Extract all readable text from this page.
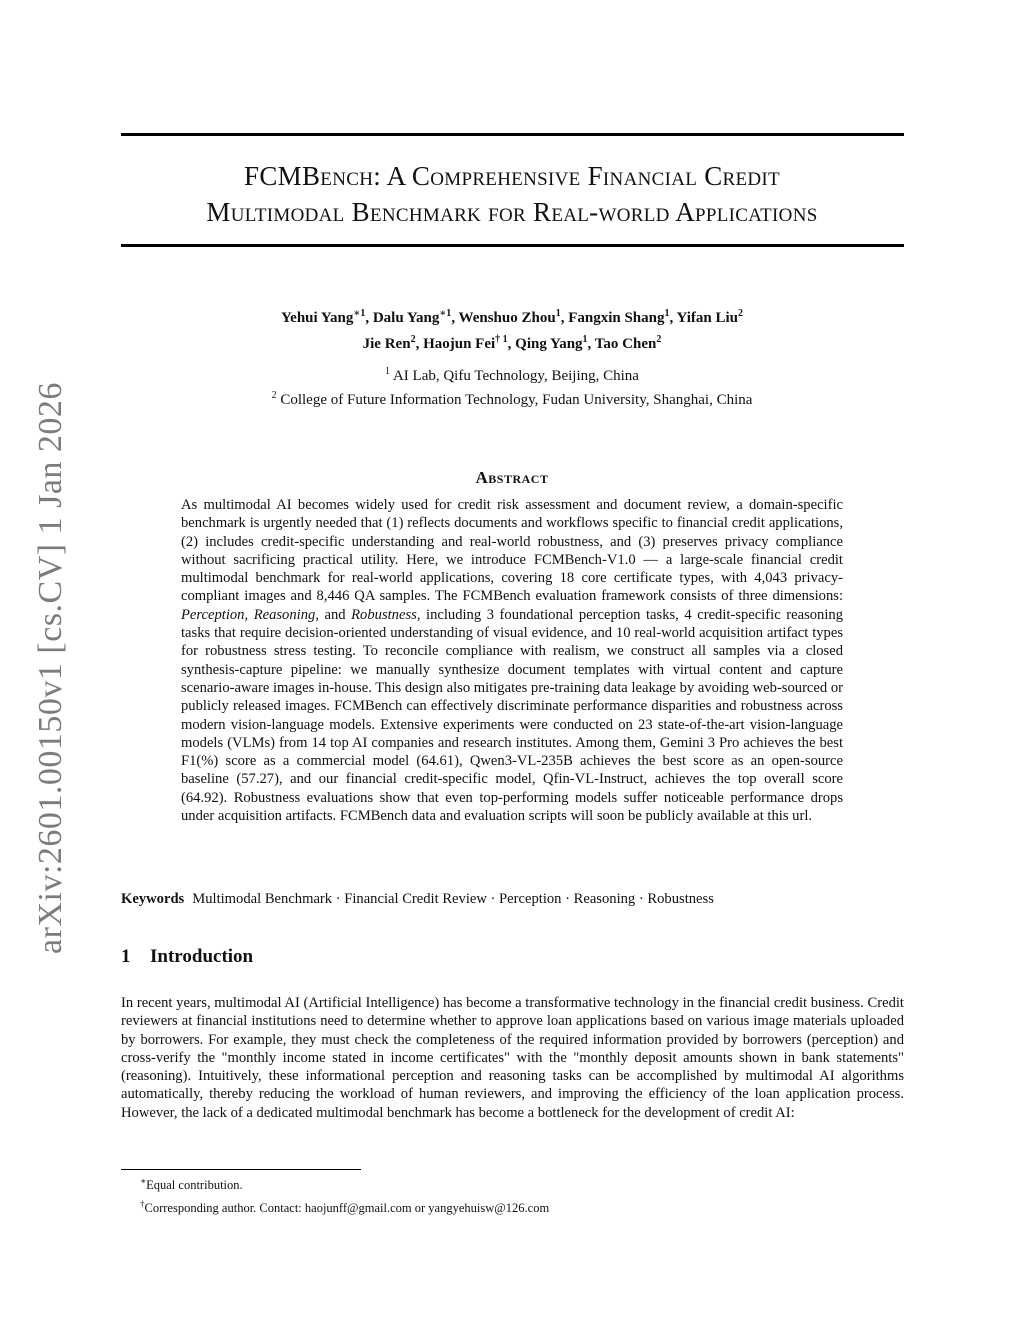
arXiv:2601.00150v1 [cs.CV] 1 Jan 2026
FCMBench: A Comprehensive Financial Credit
Multimodal Benchmark for Real-world Applications
Yehui Yang$^{∗1}$, Dalu Yang$^{∗1}$, Wenshuo Zhou$^1$, Fangxin Shang$^1$, Yifan Liu$^2$
Jie Ren$^2$, Haojun Fei$^{\dagger 1}$, Qing Yang$^1$, Tao Chen$^2$
$^1$ AI Lab, Qifu Technology, Beijing, China
$^2$ College of Future Information Technology, Fudan University, Shanghai, China
Abstract

As multimodal AI becomes widely used for credit risk assessment and document review, a domain-specific benchmark is urgently needed that (1) reflects documents and workflows specific to financial credit applications, (2) includes credit-specific understanding and real-world robustness, and (3) preserves privacy compliance without sacrificing practical utility. Here, we introduce FCMBench-V1.0 — a large-scale financial credit multimodal benchmark for real-world applications, covering 18 core certificate types, with 4,043 privacy-compliant images and 8,446 QA samples. The FCMBench evaluation framework consists of three dimensions: Perception, Reasoning, and Robustness, including 3 foundational perception tasks, 4 credit-specific reasoning tasks that require decision-oriented understanding of visual evidence, and 10 real-world acquisition artifact types for robustness stress testing. To reconcile compliance with realism, we construct all samples via a closed synthesis-capture pipeline: we manually synthesize document templates with virtual content and capture scenario-aware images in-house. This design also mitigates pre-training data leakage by avoiding web-sourced or publicly released images. FCMBench can effectively discriminate performance disparities and robustness across modern vision-language models. Extensive experiments were conducted on 23 state-of-the-art vision-language models (VLMs) from 14 top AI companies and research institutes. Among them, Gemini 3 Pro achieves the best F1(%) score as a commercial model (64.61), Qwen3-VL-235B achieves the best score as an open-source baseline (57.27), and our financial credit-specific model, Qfin-VL-Instruct, achieves the top overall score (64.92). Robustness evaluations show that even top-performing models suffer noticeable performance drops under acquisition artifacts. FCMBench data and evaluation scripts will soon be publicly available at this url.

Keywords Multimodal Benchmark · Financial Credit Review · Perception · Reasoning · Robustness
1 Introduction

In recent years, multimodal AI (Artificial Intelligence) has become a transformative technology in the financial credit business. Credit reviewers at financial institutions need to determine whether to approve loan applications based on various image materials uploaded by borrowers. For example, they must check the completeness of the required information provided by borrowers (perception) and cross-verify the "monthly income stated in income certificates" with the "monthly deposit amounts shown in bank statements" (reasoning). Intuitively, these informational perception and reasoning tasks can be accomplished by multimodal AI algorithms automatically, thereby reducing the workload of human reviewers, and improving the efficiency of the loan application process. However, the lack of a dedicated multimodal benchmark has become a bottleneck for the development of credit AI:

∗Equal contribution.
†Corresponding author. Contact: haojunff@gmail.com or yangyehuisw@126.com
